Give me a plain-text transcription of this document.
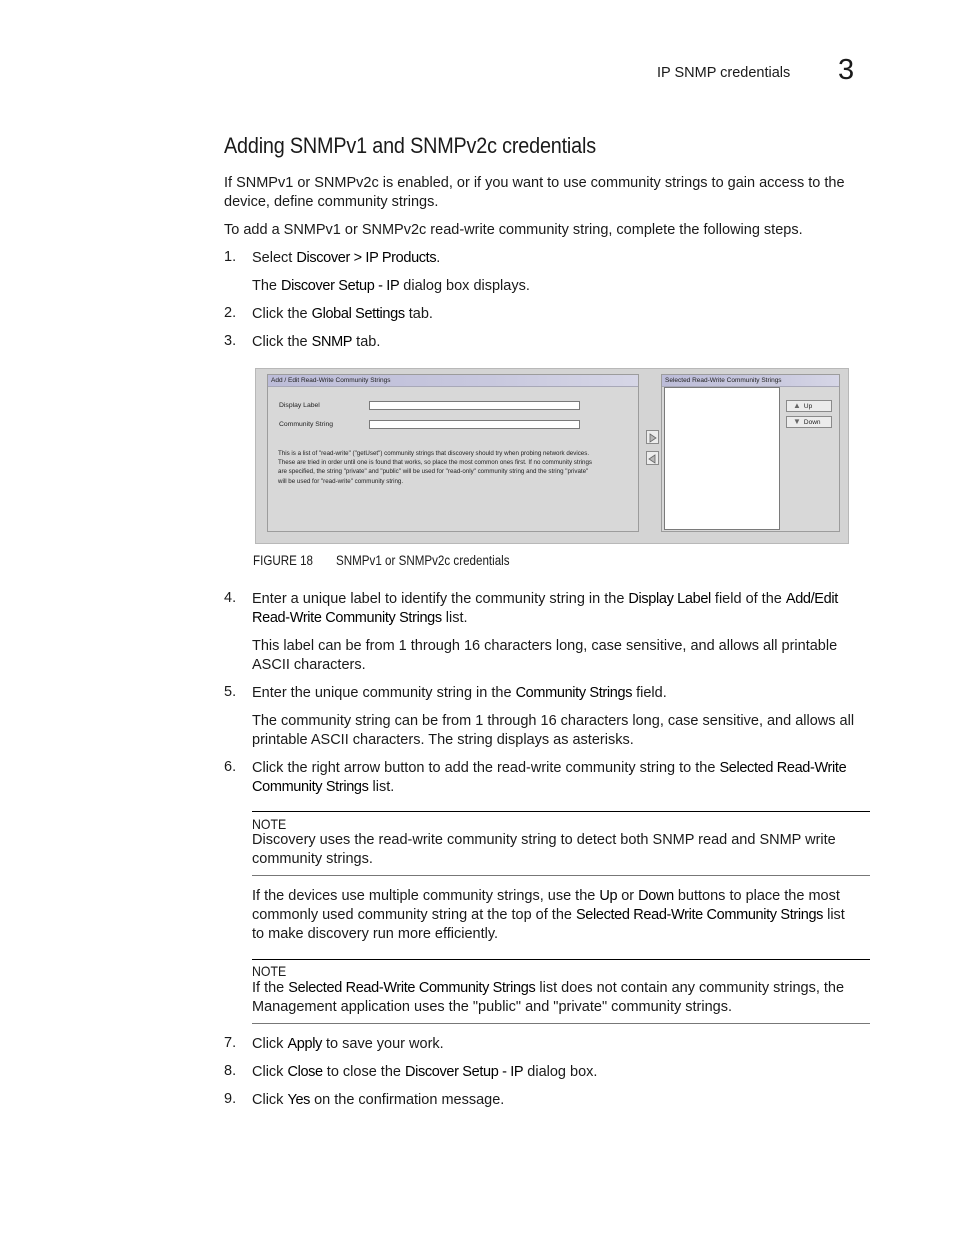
IP SNMP credentials 3
Adding SNMPv1 and SNMPv2c credentials
If SNMPv1 or SNMPv2c is enabled, or if you want to use community strings to gain access to the
device, define community strings.
To add a SNMPv1 or SNMPv2c read-write community string, complete the following steps.
1. Select Discover > IP Products.
The Discover Setup - IP dialog box displays.
2. Click the Global Settings tab.
3. Click the SNMP tab.
Add / Edit Read-Write Community Strings
Display Label
Community String
This is a list of "read-write" ("getUset") community strings that discovery should try when probing network devices.
These are tried in order until one is found that works, so place the most common ones first. If no community strings
are specified, the string "private" and "public" will be used for "read-only" community string and the string "private"
will be used for "read-write" community string.
Selected Read-Write Community Strings
▲ Up
▼ Down
FIGURE 18 SNMPv1 or SNMPv2c credentials
4. Enter a unique label to identify the community string in the Display Label field of the Add/Edit
Read-Write Community Strings list.
This label can be from 1 through 16 characters long, case sensitive, and allows all printable
ASCII characters.
5. Enter the unique community string in the Community Strings field.
The community string can be from 1 through 16 characters long, case sensitive, and allows all
printable ASCII characters. The string displays as asterisks.
6. Click the right arrow button to add the read-write community string to the Selected Read-Write
Community Strings list.
NOTE
Discovery uses the read-write community string to detect both SNMP read and SNMP write
community strings.
If the devices use multiple community strings, use the Up or Down buttons to place the most
commonly used community string at the top of the Selected Read-Write Community Strings list
to make discovery run more efficiently.
NOTE
If the Selected Read-Write Community Strings list does not contain any community strings, the
Management application uses the "public" and "private" community strings.
7. Click Apply to save your work.
8. Click Close to close the Discover Setup - IP dialog box.
9. Click Yes on the confirmation message.
